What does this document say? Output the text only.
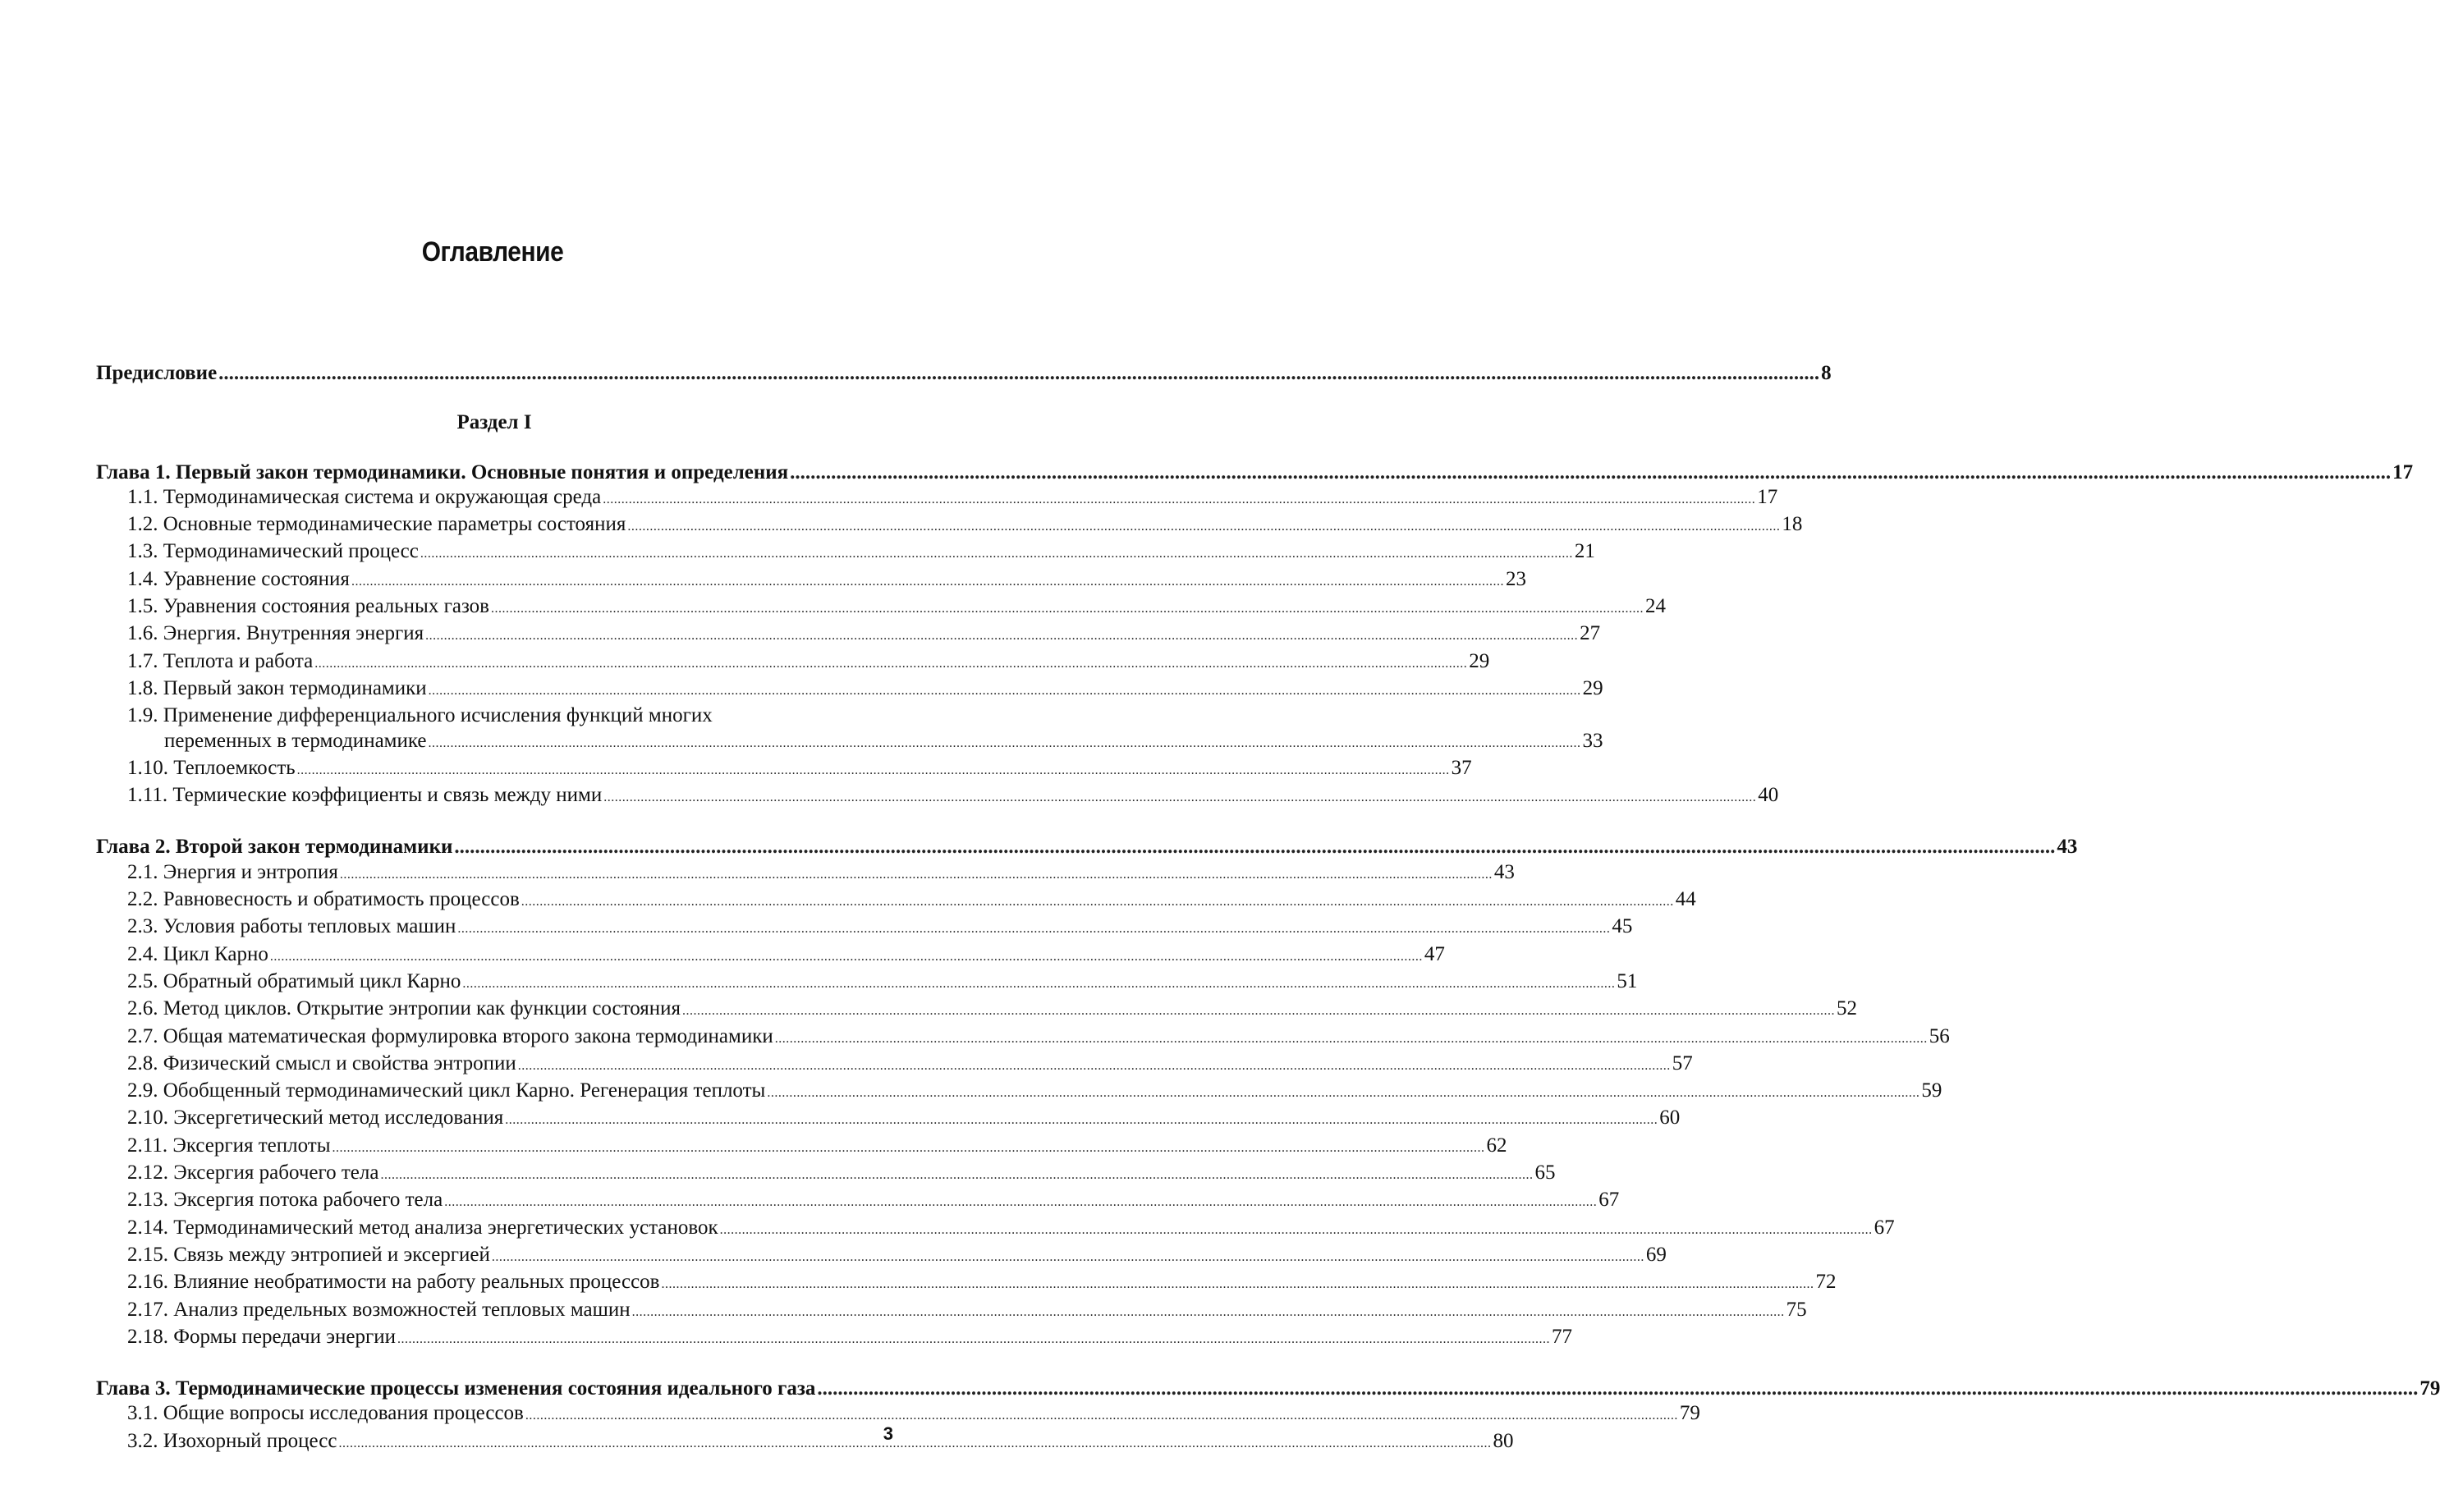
Оглавление
Предисловие .....	8
Раздел I
Глава 1. Первый закон термодинамики. Основные понятия и определения .....	17
1.1. Термодинамическая система и окружающая среда .....	17
1.2. Основные термодинамические параметры состояния .....	18
1.3. Термодинамический процесс .....	21
1.4. Уравнение состояния .....	23
1.5. Уравнения состояния реальных газов .....	24
1.6. Энергия. Внутренняя энергия .....	27
1.7. Теплота и работа .....	29
1.8. Первый закон термодинамики .....	29
1.9. Применение дифференциального исчисления функций многих
переменных в термодинамике .....	33
1.10. Теплоемкость .....	37
1.11. Термические коэффициенты и связь между ними .....	40
Глава 2. Второй закон термодинамики .....	43
2.1. Энергия и энтропия .....	43
2.2. Равновесность и обратимость процессов .....	44
2.3. Условия работы тепловых машин .....	45
2.4. Цикл Карно .....	47
2.5. Обратный обратимый цикл Карно .....	51
2.6. Метод циклов. Открытие энтропии как функции состояния .....	52
2.7. Общая математическая формулировка второго закона термодинамики .....	56
2.8. Физический смысл и свойства энтропии .....	57
2.9. Обобщенный термодинамический цикл Карно. Регенерация теплоты .....	59
2.10. Эксергетический метод исследования .....	60
2.11. Эксергия теплоты .....	62
2.12. Эксергия рабочего тела .....	65
2.13. Эксергия потока рабочего тела .....	67
2.14. Термодинамический метод анализа энергетических установок .....	67
2.15. Связь между энтропией и эксергией .....	69
2.16. Влияние необратимости на работу реальных процессов .....	72
2.17. Анализ предельных возможностей тепловых машин .....	75
2.18. Формы передачи энергии .....	77
Глава 3. Термодинамические процессы изменения состояния идеального газа .....	79
3.1. Общие вопросы исследования процессов .....	79
3.2. Изохорный процесс .....	80
3
